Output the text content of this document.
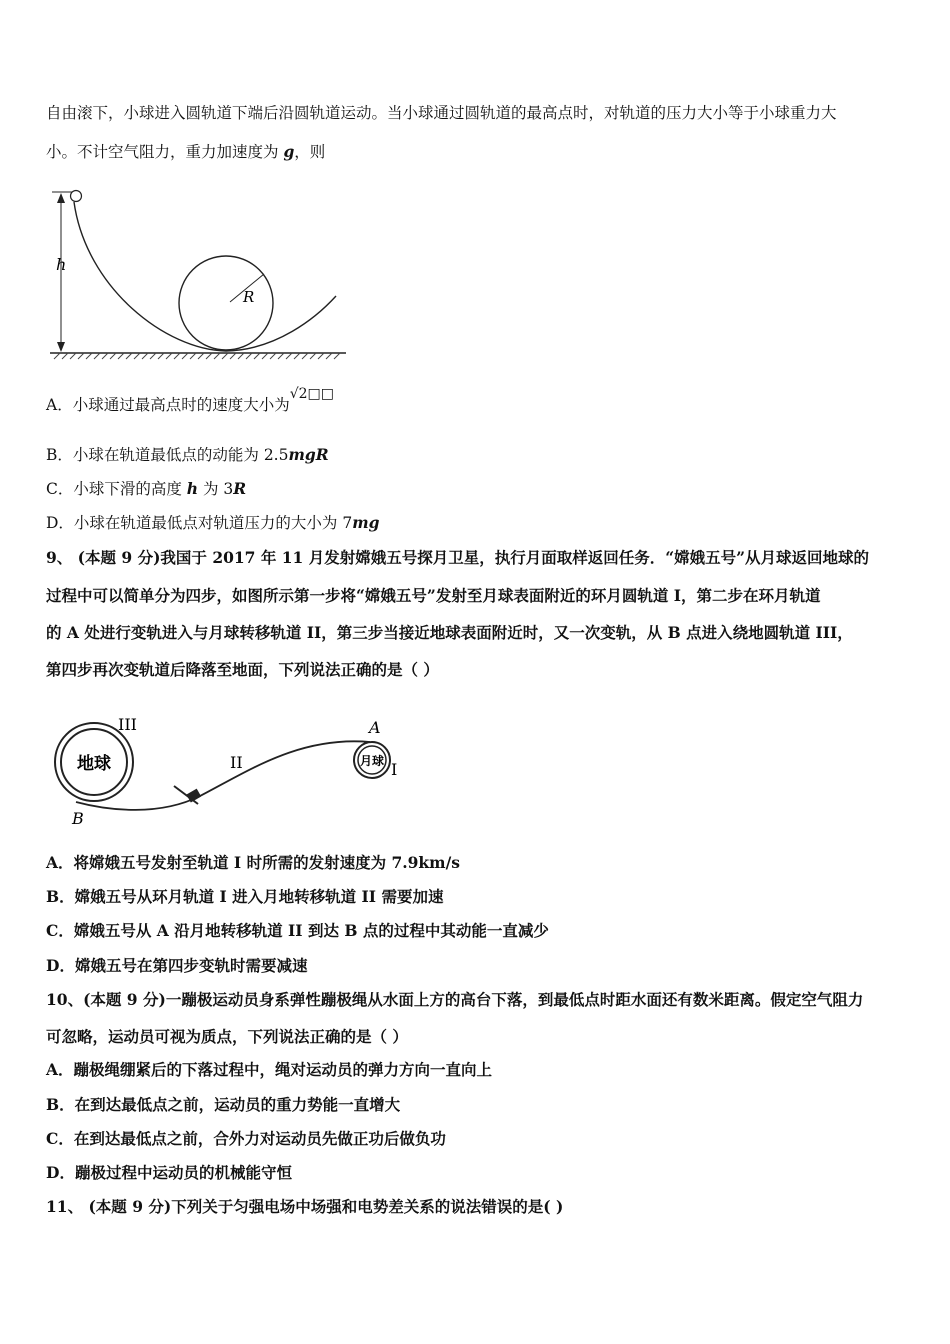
自由滚下，小球进入圆轨道下端后沿圆轨道运动。当小球通过圆轨道的最高点时，对轨道的压力大小等于小球重力大
小。不计空气阻力，重力加速度为 g，则
h
R
A．小球通过最高点时的速度大小为√2□□
B．小球在轨道最低点的动能为 2.5mgR
C．小球下滑的高度 h 为 3R
D．小球在轨道最低点对轨道压力的大小为 7mg
9、 (本题 9 分)我国于 2017 年 11 月发射嫦娥五号探月卫星，执行月面取样返回任务．“嫦娥五号”从月球返回地球的
过程中可以简单分为四步，如图所示第一步将“嫦娥五号”发射至月球表面附近的环月圆轨道 I，第二步在环月轨道
的 A 处进行变轨进入与月球转移轨道 II，第三步当接近地球表面附近时，又一次变轨，从 B 点进入绕地圆轨道 III，
第四步再次变轨道后降落至地面，下列说法正确的是（ ）
地球
III
月球 I
A
II
B
A．将嫦娥五号发射至轨道 I 时所需的发射速度为 7.9km/s
B．嫦娥五号从环月轨道 I 进入月地转移轨道 II 需要加速
C．嫦娥五号从 A 沿月地转移轨道 II 到达 B 点的过程中其动能一直减少
D．嫦娥五号在第四步变轨时需要减速
10、(本题 9 分)一蹦极运动员身系弹性蹦极绳从水面上方的高台下落，到最低点时距水面还有数米距离。假定空气阻力
可忽略，运动员可视为质点，下列说法正确的是（ ）
A．蹦极绳绷紧后的下落过程中，绳对运动员的弹力方向一直向上
B．在到达最低点之前，运动员的重力势能一直增大
C．在到达最低点之前，合外力对运动员先做正功后做负功
D．蹦极过程中运动员的机械能守恒
11、 (本题 9 分)下列关于匀强电场中场强和电势差关系的说法错误的是( )
